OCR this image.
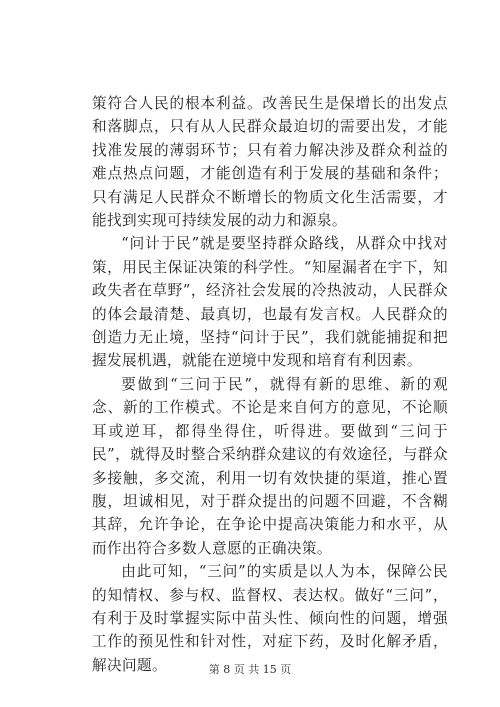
策符合人民的根本利益。改善民生是保增长的出发点和落脚点，只有从人民群众最迫切的需要出发，才能找准发展的薄弱环节；只有着力解决涉及群众利益的难点热点问题，才能创造有利于发展的基础和条件；只有满足人民群众不断增长的物质文化生活需要，才能找到实现可持续发展的动力和源泉。

“问计于民”就是要坚持群众路线，从群众中找对策，用民主保证决策的科学性。“知屋漏者在宇下，知政失者在草野”，经济社会发展的冷热波动，人民群众的体会最清楚、最真切，也最有发言权。人民群众的创造力无止境，坚持“问计于民”，我们就能捕捉和把握发展机遇，就能在逆境中发现和培育有利因素。

要做到“三问于民”，就得有新的思维、新的观念、新的工作模式。不论是来自何方的意见，不论顺耳或逆耳，都得坐得住，听得进。要做到“三问于民”，就得及时整合采纳群众建议的有效途径，与群众多接触，多交流，利用一切有效快捷的渠道，推心置腹，坦诚相见，对于群众提出的问题不回避，不含糊其辞，允许争论，在争论中提高决策能力和水平，从而作出符合多数人意愿的正确决策。

由此可知，“三问”的实质是以人为本，保障公民的知情权、参与权、监督权、表达权。做好“三问”，有利于及时掌握实际中苗头性、倾向性的问题，增强工作的预见性和针对性，对症下药，及时化解矛盾，解决问题。	第 8 页 共 15 页
